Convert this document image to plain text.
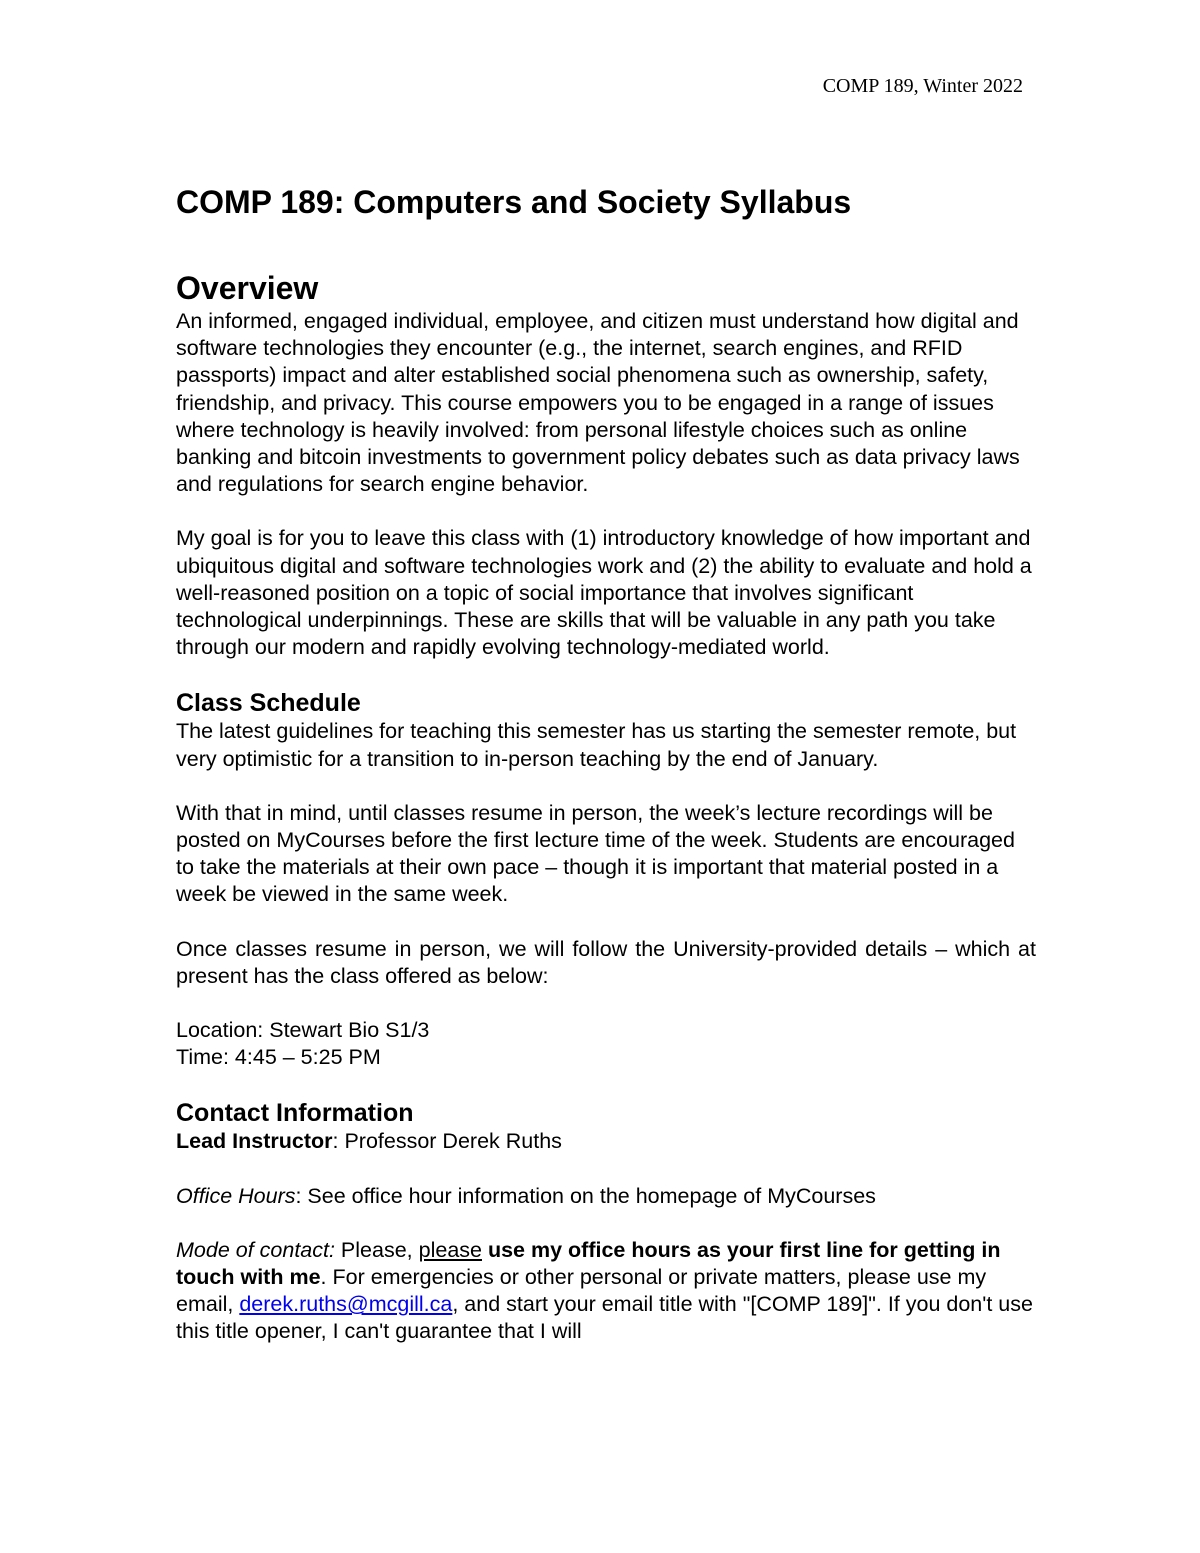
COMP 189, Winter 2022
COMP 189: Computers and Society Syllabus
Overview

An informed, engaged individual, employee, and citizen must understand how digital and software technologies they encounter (e.g., the internet, search engines, and RFID passports) impact and alter established social phenomena such as ownership, safety, friendship, and privacy. This course empowers you to be engaged in a range of issues where technology is heavily involved: from personal lifestyle choices such as online banking and bitcoin investments to government policy debates such as data privacy laws and regulations for search engine behavior.

My goal is for you to leave this class with (1) introductory knowledge of how important and ubiquitous digital and software technologies work and (2) the ability to evaluate and hold a well-reasoned position on a topic of social importance that involves significant technological underpinnings. These are skills that will be valuable in any path you take through our modern and rapidly evolving technology-mediated world.

Class Schedule

The latest guidelines for teaching this semester has us starting the semester remote, but very optimistic for a transition to in-person teaching by the end of January.

With that in mind, until classes resume in person, the week’s lecture recordings will be posted on MyCourses before the first lecture time of the week. Students are encouraged to take the materials at their own pace – though it is important that material posted in a week be viewed in the same week.

Once classes resume in person, we will follow the University-provided details – which at present has the class offered as below:

Location: Stewart Bio S1/3
Time: 4:45 – 5:25 PM

Contact Information

Lead Instructor: Professor Derek Ruths

Office Hours: See office hour information on the homepage of MyCourses

Mode of contact: Please, please use my office hours as your first line for getting in touch with me. For emergencies or other personal or private matters, please use my email, derek.ruths@mcgill.ca, and start your email title with "[COMP 189]". If you don't use this title opener, I can't guarantee that I will
